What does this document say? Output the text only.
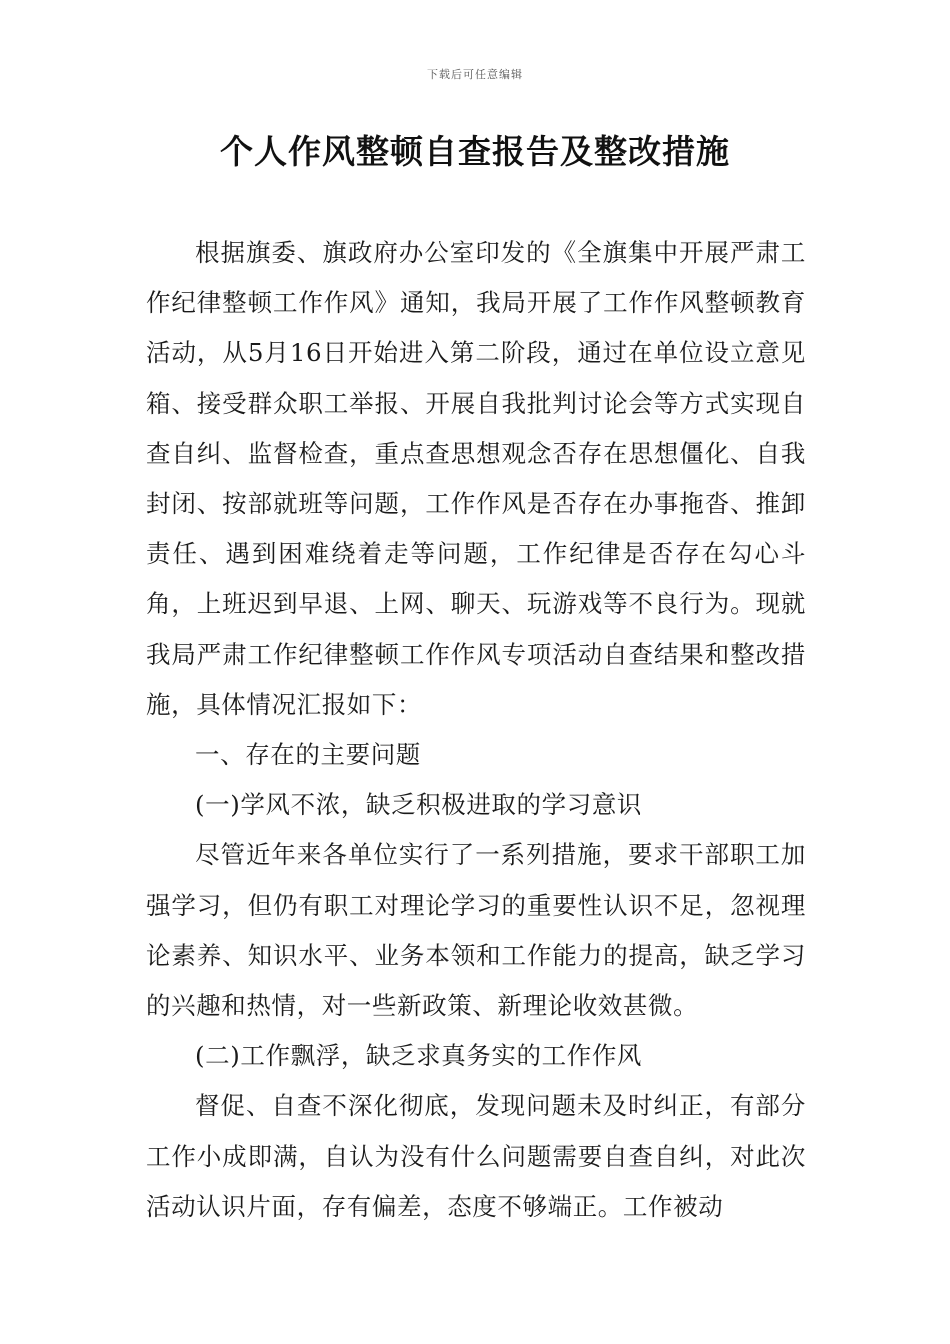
下载后可任意编辑
个人作风整顿自查报告及整改措施

根据旗委、旗政府办公室印发的《全旗集中开展严肃工作纪律整顿工作作风》通知，我局开展了工作作风整顿教育活动，从5月16日开始进入第二阶段，通过在单位设立意见箱、接受群众职工举报、开展自我批判讨论会等方式实现自查自纠、监督检查，重点查思想观念否存在思想僵化、自我封闭、按部就班等问题，工作作风是否存在办事拖沓、推卸责任、遇到困难绕着走等问题，工作纪律是否存在勾心斗角，上班迟到早退、上网、聊天、玩游戏等不良行为。现就我局严肃工作纪律整顿工作作风专项活动自查结果和整改措施，具体情况汇报如下：

一、存在的主要问题

(一)学风不浓，缺乏积极进取的学习意识

尽管近年来各单位实行了一系列措施，要求干部职工加强学习，但仍有职工对理论学习的重要性认识不足，忽视理论素养、知识水平、业务本领和工作能力的提高，缺乏学习的兴趣和热情，对一些新政策、新理论收效甚微。

(二)工作飘浮，缺乏求真务实的工作作风

督促、自查不深化彻底，发现问题未及时纠正，有部分工作小成即满，自认为没有什么问题需要自查自纠，对此次活动认识片面，存有偏差，态度不够端正。工作被动
